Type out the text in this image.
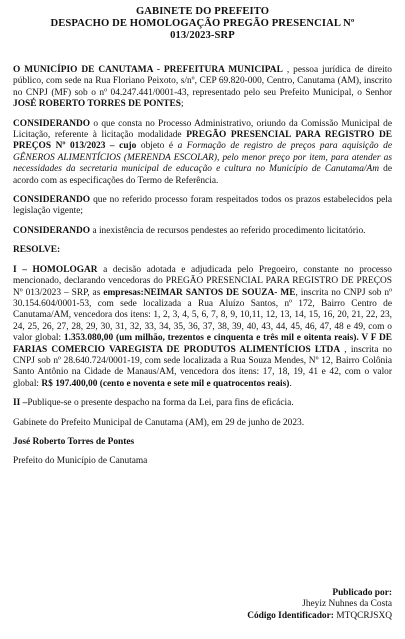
GABINETE DO PREFEITO
DESPACHO DE HOMOLOGAÇÃO PREGÃO PRESENCIAL Nº
013/2023-SRP

O MUNICÍPIO DE CANUTAMA - PREFEITURA MUNICIPAL , pessoa jurídica de direito público, com sede na Rua Floriano Peixoto, s/nº, CEP 69.820-000, Centro, Canutama (AM), inscrito no CNPJ (MF) sob o nº 04.247.441/0001-43, representado pelo seu Prefeito Municipal, o Senhor JOSÉ ROBERTO TORRES DE PONTES;

CONSIDERANDO o que consta no Processo Administrativo, oriundo da Comissão Municipal de Licitação, referente à licitação modalidade PREGÃO PRESENCIAL PARA REGISTRO DE PREÇOS Nº 013/2023 – cujo objeto é a Formação de registro de preços para aquisição de GÊNEROS ALIMENTÍCIOS (MERENDA ESCOLAR), pelo menor preço por item, para atender as necessidades da secretaria municipal de educação e cultura no Município de Canutama/Am de acordo com as especificações do Termo de Referência.

CONSIDERANDO que no referido processo foram respeitados todos os prazos estabelecidos pela legislação vigente;

CONSIDERANDO a inexistência de recursos pendestes ao referido procedimento licitatório.

RESOLVE:

I – HOMOLOGAR a decisão adotada e adjudicada pelo Pregoeiro, constante no processo mencionado, declarando vencedoras do PREGÃO PRESENCIAL PARA REGISTRO DE PREÇOS Nº 013/2023 – SRP, as empresas:NEIMAR SANTOS DE SOUZA- ME, inscrita no CNPJ sob nº 30.154.604/0001-53, com sede localizada a Rua Aluízo Santos, nº 172, Bairro Centro de Canutama/AM, vencedora dos itens: 1, 2, 3, 4, 5, 6, 7, 8, 9, 10,11, 12, 13, 14, 15, 16, 20, 21, 22, 23, 24, 25, 26, 27, 28, 29, 30, 31, 32, 33, 34, 35, 36, 37, 38, 39, 40, 43, 44, 45, 46, 47, 48 e 49, com o valor global: 1.353.080,00 (um milhão, trezentos e cinquenta e três mil e oitenta reais). V F DE FARIAS COMERCIO VAREGISTA DE PRODUTOS ALIMENTÍCIOS LTDA , inscrita no CNPJ sob nº 28.640.724/0001-19, com sede localizada a Rua Souza Mendes, Nº 12, Bairro Colônia Santo Antônio na Cidade de Manaus/AM, vencedora dos itens: 17, 18, 19, 41 e 42, com o valor global: R$ 197.400,00 (cento e noventa e sete mil e quatrocentos reais).

II –Publique-se o presente despacho na forma da Lei, para fins de eficácia.

Gabinete do Prefeito Municipal de Canutama (AM), em 29 de junho de 2023.

José Roberto Torres de Pontes

Prefeito do Município de Canutama

Publicado por:
Jheyiz Nuhnes da Costa
Código Identificador: MTQCRJSXQ
